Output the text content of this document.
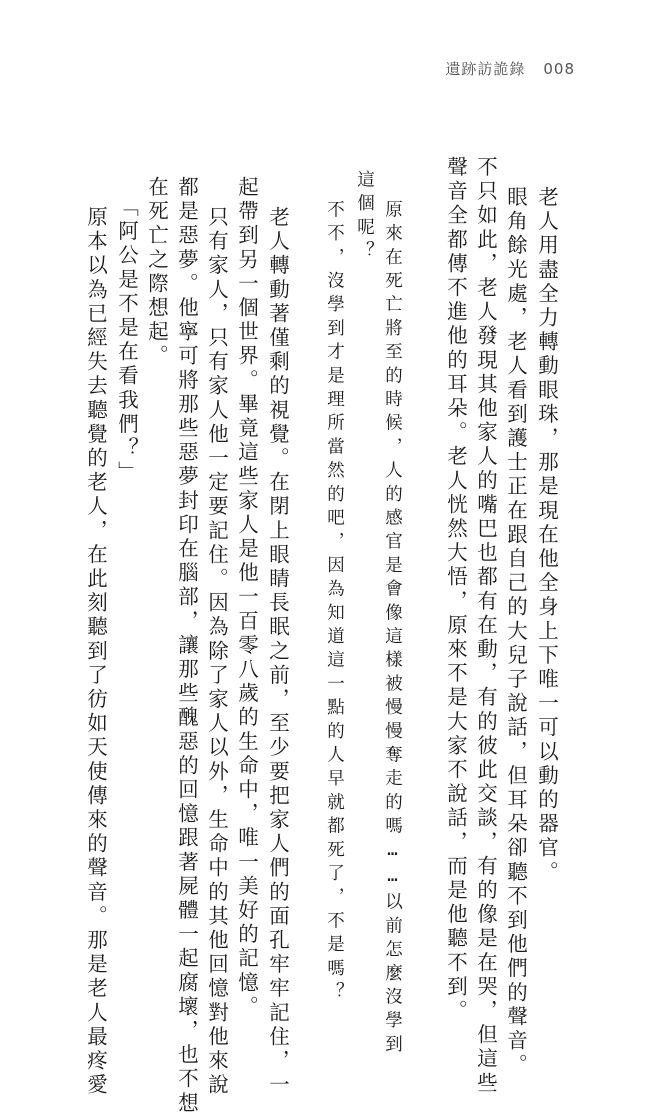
遺跡訪詭錄 008
老人用盡全力轉動眼珠，那是現在他全身上下唯一可以動的器官。
眼角餘光處，老人看到護士正在跟自己的大兒子說話，但耳朵卻聽不到他們的聲音。
不只如此，老人發現其他家人的嘴巴也都有在動，有的彼此交談，有的像是在哭，但這些
聲音全都傳不進他的耳朵。老人恍然大悟，原來不是大家不說話，而是他聽不到。
原來在死亡將至的時候，人的感官是會像這樣被慢慢奪走的嗎……以前怎麼沒學到
這個呢？
不不，沒學到才是理所當然的吧，因為知道這一點的人早就都死了，不是嗎？
老人轉動著僅剩的視覺。在閉上眼睛長眠之前，至少要把家人們的面孔牢牢記住，一
起帶到另一個世界。畢竟這些家人是他一百零八歲的生命中，唯一美好的記憶。
只有家人，只有家人他一定要記住。因為除了家人以外，生命中的其他回憶對他來說
都是惡夢。他寧可將那些惡夢封印在腦部，讓那些醜惡的回憶跟著屍體一起腐壞，也不想
在死亡之際想起。
「阿公是不是在看我們？」
原本以為已經失去聽覺的老人，在此刻聽到了彷如天使傳來的聲音。那是老人最疼愛
